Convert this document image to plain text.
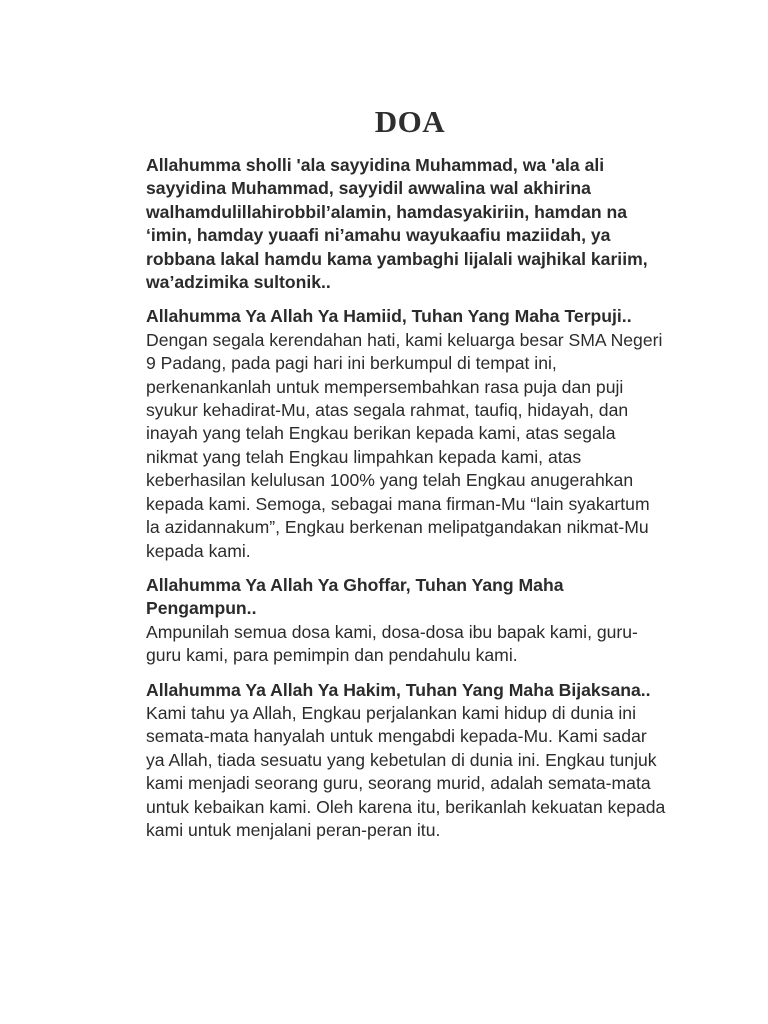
DOA

Allahumma sholli 'ala sayyidina Muhammad, wa 'ala ali sayyidina Muhammad, sayyidil awwalina wal akhirina walhamdulillahirobbil’alamin, hamdasyakiriin, hamdan na ‘imin, hamday yuaafi ni’amahu wayukaafiu maziidah, ya robbana lakal hamdu kama yambaghi lijalali wajhikal kariim, wa’adzimika sultonik..

Allahumma Ya Allah Ya Hamiid, Tuhan Yang Maha Terpuji..
Dengan segala kerendahan hati, kami keluarga besar SMA Negeri 9 Padang, pada pagi hari ini berkumpul di tempat ini, perkenankanlah untuk mempersembahkan rasa puja dan puji syukur kehadirat-Mu, atas segala rahmat, taufiq, hidayah, dan inayah yang telah Engkau berikan kepada kami, atas segala nikmat yang telah Engkau limpahkan kepada kami, atas keberhasilan kelulusan 100% yang telah Engkau anugerahkan kepada kami. Semoga, sebagai mana firman-Mu “lain syakartum la azidannakum”, Engkau berkenan melipatgandakan nikmat-Mu kepada kami.

Allahumma Ya Allah Ya Ghoffar, Tuhan Yang Maha Pengampun..
Ampunilah semua dosa kami, dosa-dosa ibu bapak kami, guru-guru kami, para pemimpin dan pendahulu kami.

Allahumma Ya Allah Ya Hakim, Tuhan Yang Maha Bijaksana..
Kami tahu ya Allah, Engkau perjalankan kami hidup di dunia ini semata-mata hanyalah untuk mengabdi kepada-Mu. Kami sadar ya Allah, tiada sesuatu yang kebetulan di dunia ini. Engkau tunjuk kami menjadi seorang guru, seorang murid, adalah semata-mata untuk kebaikan kami. Oleh karena itu, berikanlah kekuatan kepada kami untuk menjalani peran-peran itu.
